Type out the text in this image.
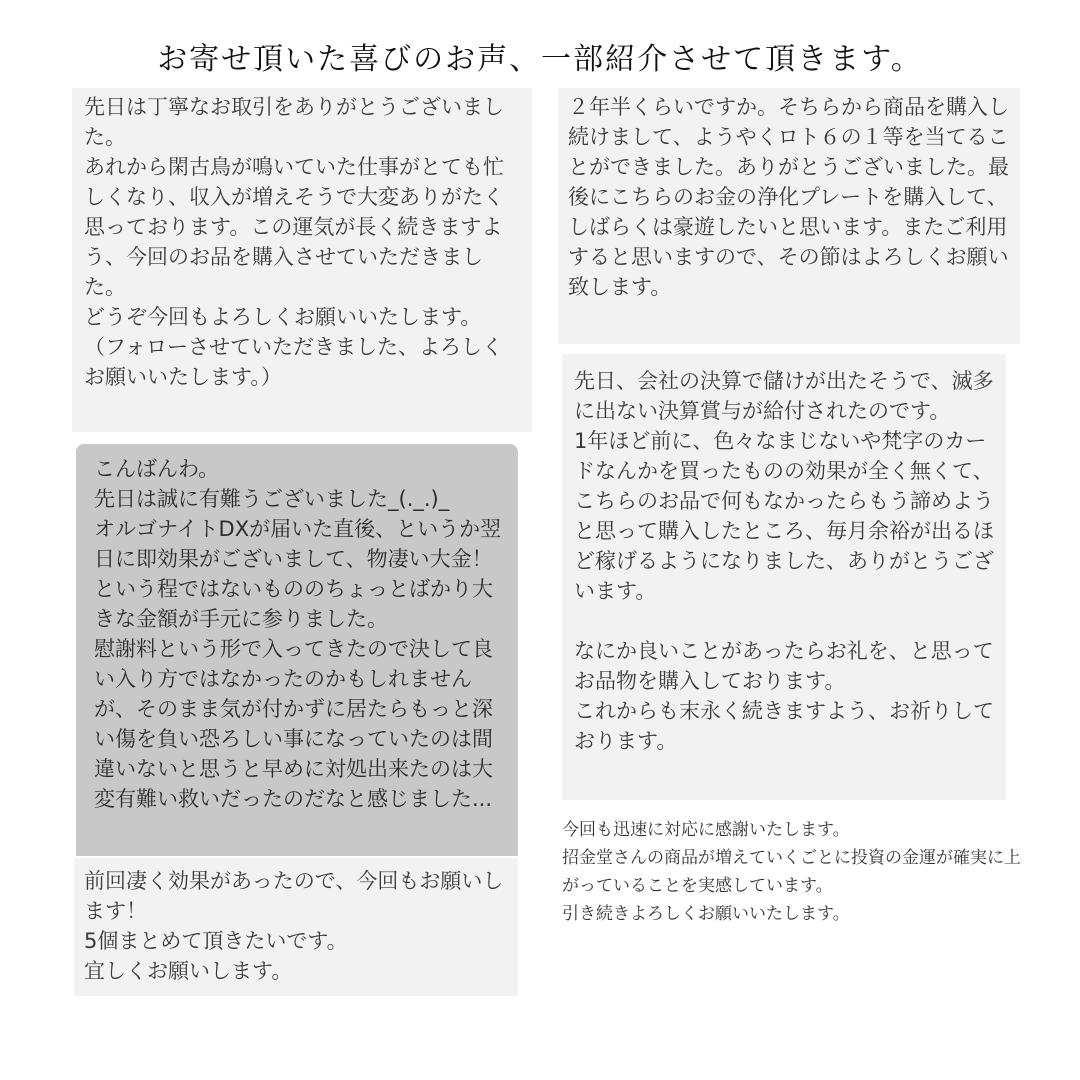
お寄せ頂いた喜びのお声、一部紹介させて頂きます。
先日は丁寧なお取引をありがとうございました。
あれから閑古鳥が鳴いていた仕事がとても忙しくなり、収入が増えそうで大変ありがたく思っております。この運気が長く続きますよう、今回のお品を購入させていただきました。
どうぞ今回もよろしくお願いいたします。
（フォローさせていただきました、よろしくお願いいたします。）
こんばんわ。
先日は誠に有難うございました_(._.)_
オルゴナイトDXが届いた直後、というか翌日に即効果がございまして、物凄い大金！という程ではないもののちょっとばかり大きな金額が手元に参りました。
慰謝料という形で入ってきたので決して良い入り方ではなかったのかもしれませんが、そのまま気が付かずに居たらもっと深い傷を負い恐ろしい事になっていたのは間違いないと思うと早めに対処出来たのは大変有難い救いだったのだなと感じました...
前回凄く効果があったので、今回もお願いします！
5個まとめて頂きたいです。
宜しくお願いします。
２年半くらいですか。そちらから商品を購入し続けまして、ようやくロト６の１等を当てることができました。ありがとうございました。最後にこちらのお金の浄化プレートを購入して、しばらくは豪遊したいと思います。またご利用すると思いますので、その節はよろしくお願い致します。
先日、会社の決算で儲けが出たそうで、滅多に出ない決算賞与が給付されたのです。
1年ほど前に、色々なまじないや梵字のカードなんかを買ったものの効果が全く無くて、こちらのお品で何もなかったらもう諦めようと思って購入したところ、毎月余裕が出るほど稼げるようになりました、ありがとうございます。

なにか良いことがあったらお礼を、と思ってお品物を購入しております。
これからも末永く続きますよう、お祈りしております。
今回も迅速に対応に感謝いたします。
招金堂さんの商品が増えていくごとに投資の金運が確実に上がっていることを実感しています。
引き続きよろしくお願いいたします。
